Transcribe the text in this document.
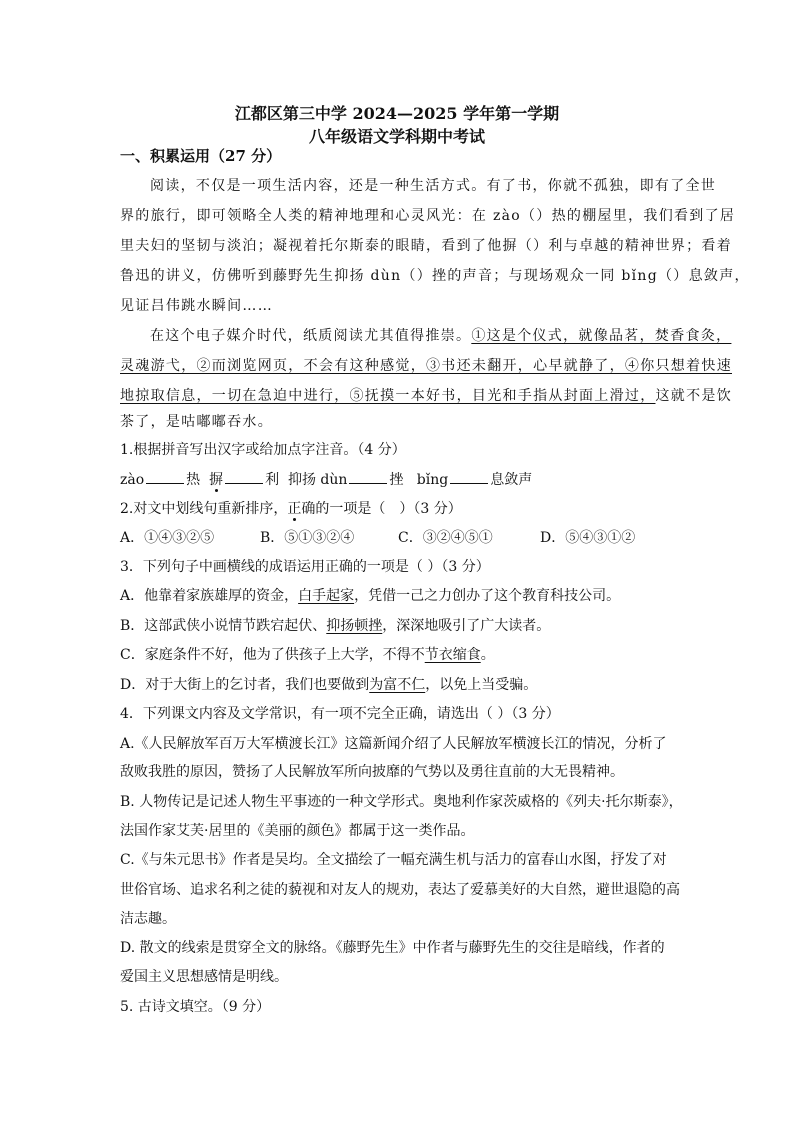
江都区第三中学 2024—2025 学年第一学期
八年级语文学科期中考试
一、积累运用（27 分）
阅读，不仅是一项生活内容，还是一种生活方式。有了书，你就不孤独，即有了全世
界的旅行，即可领略全人类的精神地理和心灵风光：在 zào（）热的棚屋里，我们看到了居
里夫妇的坚韧与淡泊；凝视着托尔斯泰的眼睛，看到了他摒（）利与卓越的精神世界；看着
鲁迅的讲义，仿佛听到藤野先生抑扬 dùn（）挫的声音；与现场观众一同 bǐng（）息敛声，
见证吕伟跳水瞬间……
在这个电子媒介时代，纸质阅读尤其值得推崇。①这是个仪式，就像品茗，焚香食灸，
灵魂游弋，②而浏览网页，不会有这种感觉，③书还未翻开，心早就静了，④你只想着快速
地掠取信息，一切在急迫中进行，⑤抚摸一本好书，目光和手指从封面上滑过，这就不是饮
茶了，是咕嘟嘟吞水。
1.根据拼音写出汉字或给加点字注音。（4 分）
zào	热 摒	利 抑扬 dùn	挫 bǐng	息敛声
2.对文中划线句重新排序，正确的一项是（　）（3 分）
A．①④③②⑤	B．⑤①③②④	C．③②④⑤①	D．⑤④③①②
3．下列句子中画横线的成语运用正确的一项是（ ）（3 分）
A．他靠着家族雄厚的资金，白手起家，凭借一己之力创办了这个教育科技公司。
B．这部武侠小说情节跌宕起伏、抑扬顿挫，深深地吸引了广大读者。
C．家庭条件不好，他为了供孩子上大学，不得不节衣缩食。
D．对于大街上的乞讨者，我们也要做到为富不仁，以免上当受骗。
4．下列课文内容及文学常识，有一项不完全正确，请选出（ ）（3 分）
A.《人民解放军百万大军横渡长江》这篇新闻介绍了人民解放军横渡长江的情况，分析了
敌败我胜的原因，赞扬了人民解放军所向披靡的气势以及勇往直前的大无畏精神。
B. 人物传记是记述人物生平事迹的一种文学形式。奥地利作家茨威格的《列夫·托尔斯泰》，
法国作家艾芙·居里的《美丽的颜色》都属于这一类作品。
C.《与朱元思书》作者是吴均。全文描绘了一幅充满生机与活力的富春山水图，抒发了对
世俗官场、追求名利之徒的藐视和对友人的规劝，表达了爱慕美好的大自然，避世退隐的高
洁志趣。
D. 散文的线索是贯穿全文的脉络。《藤野先生》中作者与藤野先生的交往是暗线，作者的
爱国主义思想感情是明线。
5. 古诗文填空。（9 分）
